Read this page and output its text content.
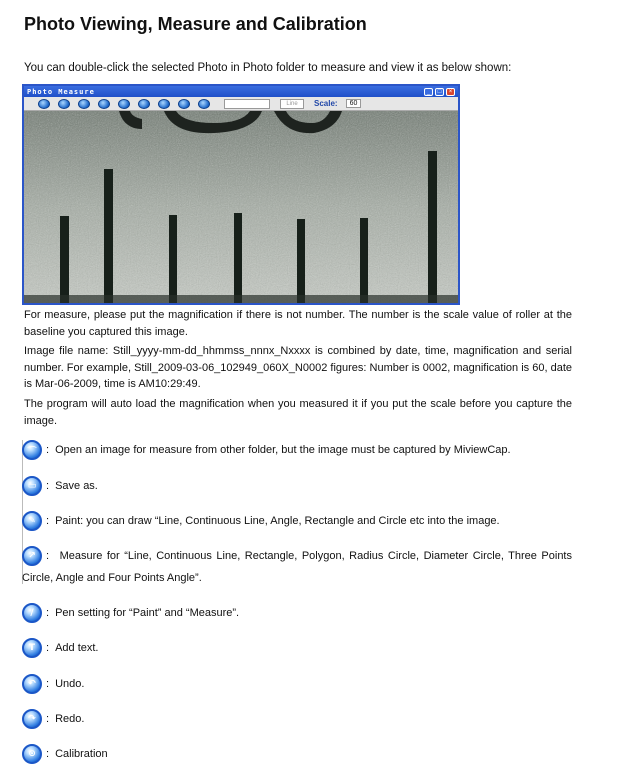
Photo Viewing, Measure and Calibration
You can double-click the selected Photo in Photo folder to measure and view it as below shown:
Photo Measure	_	□	×
Line	Scale:	60
For measure, please put the magnification if there is not number. The number is the scale value of roller at the baseline you captured this image.
Image file name: Still_yyyy-mm-dd_hhmmss_nnnx_Nxxxx is combined by date, time, magnification and serial number. For example, Still_2009-03-06_102949_060X_N0002 figures: Number is 0002, magnification is 60, date is Mar-06-2009, time is AM10:29:49.
The program will auto load the magnification when you measured it if you put the scale before you capture the image.
⌒ : Open an image for measure from other folder, but the image must be captured by MiviewCap.
▭ : Save as.
✎ : Paint: you can draw “Line, Continuous Line, Angle, Rectangle and Circle etc into the image.
↗ : Measure for “Line, Continuous Line, Rectangle, Polygon, Radius Circle, Diameter Circle, Three Points Circle, Angle and Four Points Angle”.
∕	: Pen setting for “Paint” and “Measure”.
T : Add text.
↶ : Undo.
↷ : Redo.
⊙ : Calibration
